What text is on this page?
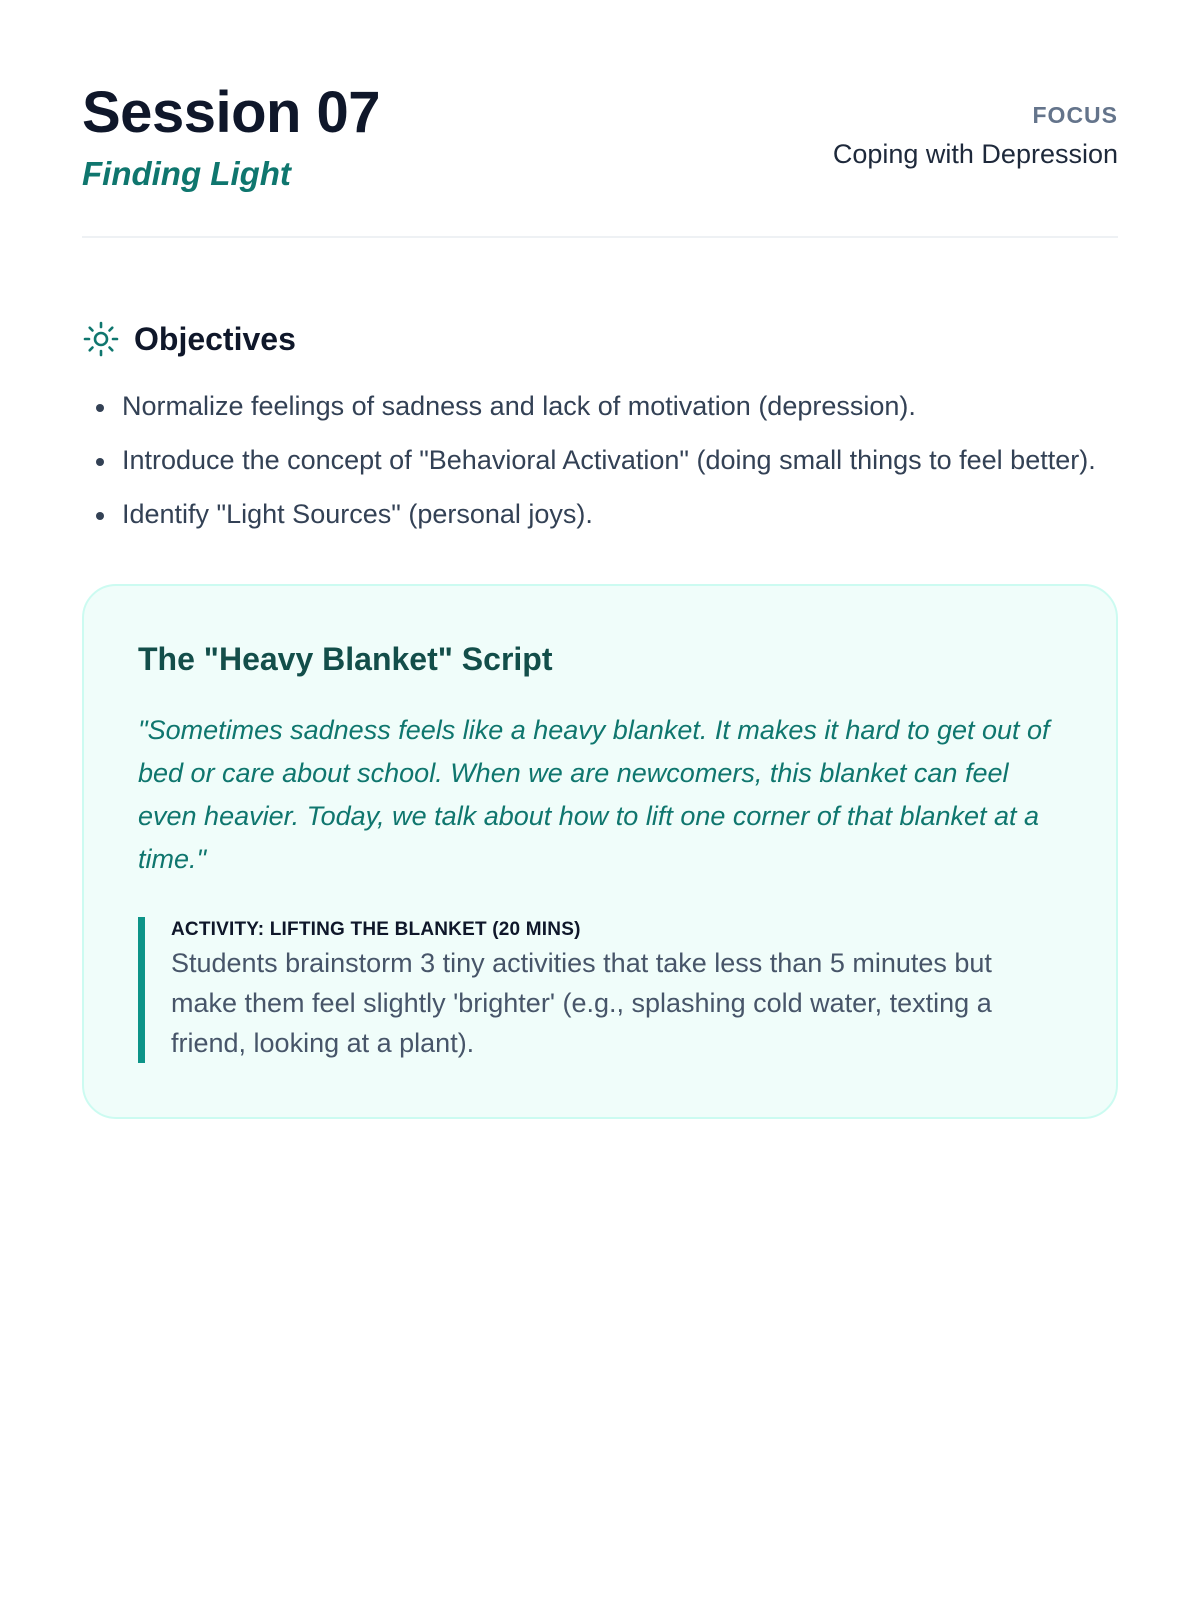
Session 07
Finding Light
FOCUS
Coping with Depression
Objectives
Normalize feelings of sadness and lack of motivation (depression).
Introduce the concept of "Behavioral Activation" (doing small things to feel better).
Identify "Light Sources" (personal joys).
The "Heavy Blanket" Script
"Sometimes sadness feels like a heavy blanket. It makes it hard to get out of bed or care about school. When we are newcomers, this blanket can feel even heavier. Today, we talk about how to lift one corner of that blanket at a time."
ACTIVITY: LIFTING THE BLANKET (20 MINS)
Students brainstorm 3 tiny activities that take less than 5 minutes but make them feel slightly 'brighter' (e.g., splashing cold water, texting a friend, looking at a plant).
